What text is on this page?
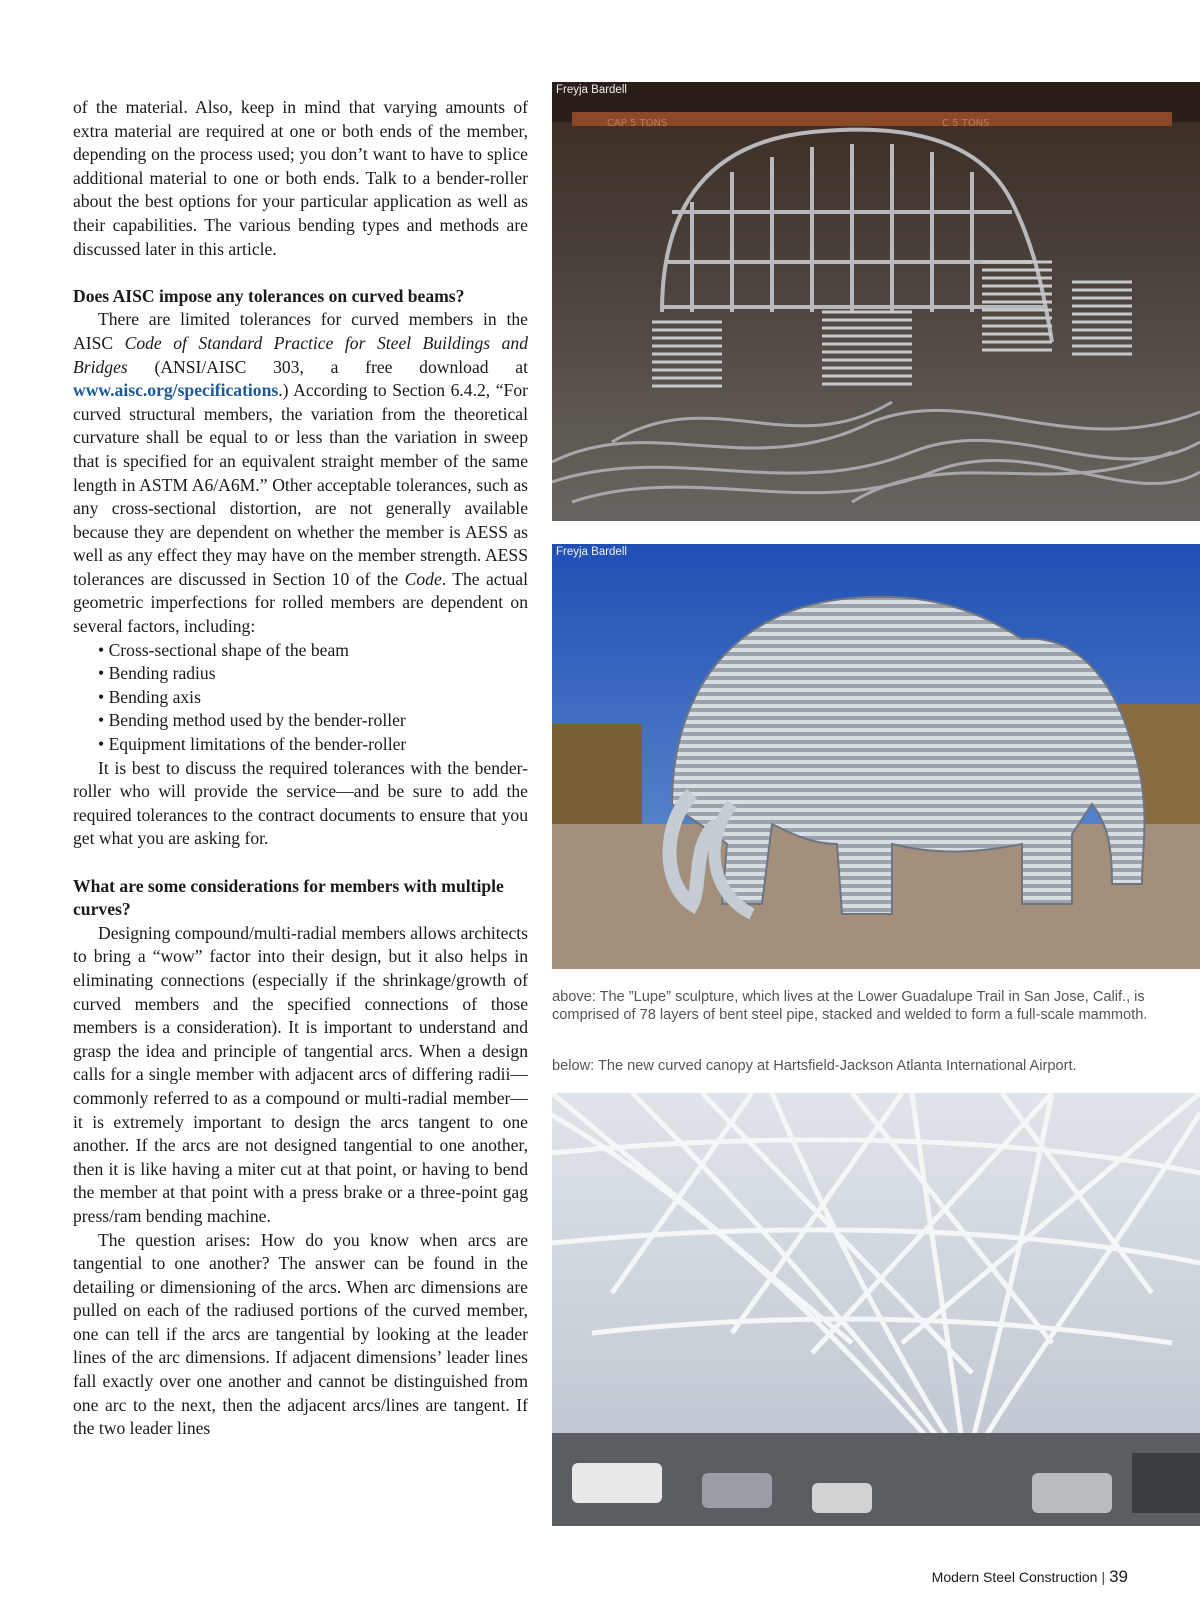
of the material. Also, keep in mind that varying amounts of extra material are required at one or both ends of the member, depending on the process used; you don’t want to have to splice additional material to one or both ends. Talk to a bender-roller about the best options for your particular application as well as their capabilities. The various bending types and methods are discussed later in this article.

Does AISC impose any tolerances on curved beams?

There are limited tolerances for curved members in the AISC Code of Standard Practice for Steel Buildings and Bridges (ANSI/AISC 303, a free download at www.aisc.org/specifications.) According to Section 6.4.2, “For curved structural members, the variation from the theoretical curvature shall be equal to or less than the variation in sweep that is specified for an equivalent straight member of the same length in ASTM A6/A6M.” Other acceptable tolerances, such as any cross-sectional distortion, are not generally available because they are dependent on whether the member is AESS as well as any effect they may have on the member strength. AESS tolerances are discussed in Section 10 of the Code. The actual geometric imperfections for rolled members are dependent on several factors, including:

• Cross-sectional shape of the beam
• Bending radius
• Bending axis
• Bending method used by the bender-roller
• Equipment limitations of the bender-roller

It is best to discuss the required tolerances with the bender-roller who will provide the service—and be sure to add the required tolerances to the contract documents to ensure that you get what you are asking for.

What are some considerations for members with multiple curves?

Designing compound/multi-radial members allows architects to bring a “wow” factor into their design, but it also helps in eliminating connections (especially if the shrinkage/growth of curved members and the specified connections of those members is a consideration). It is important to understand and grasp the idea and principle of tangential arcs. When a design calls for a single member with adjacent arcs of differing radii—commonly referred to as a compound or multi-radial member—it is extremely important to design the arcs tangent to one another. If the arcs are not designed tangential to one another, then it is like having a miter cut at that point, or having to bend the member at that point with a press brake or a three-point gag press/ram bending machine.

The question arises: How do you know when arcs are tangential to one another? The answer can be found in the detailing or dimensioning of the arcs. When arc dimensions are pulled on each of the radiused portions of the curved member, one can tell if the arcs are tangential by looking at the leader lines of the arc dimensions. If adjacent dimensions’ leader lines fall exactly over one another and cannot be distinguished from one arc to the next, then the adjacent arcs/lines are tangent. If the two leader lines

CAP 5 TONS	C 5 TONS
Freyja Bardell
Freyja Bardell
above: The ”Lupe” sculpture, which lives at the Lower Guadalupe Trail in San Jose, Calif., is comprised of 78 layers of bent steel pipe, stacked and welded to form a full-scale mammoth.
below: The new curved canopy at Hartsfield-Jackson Atlanta International Airport.
Modern Steel Construction | 39
